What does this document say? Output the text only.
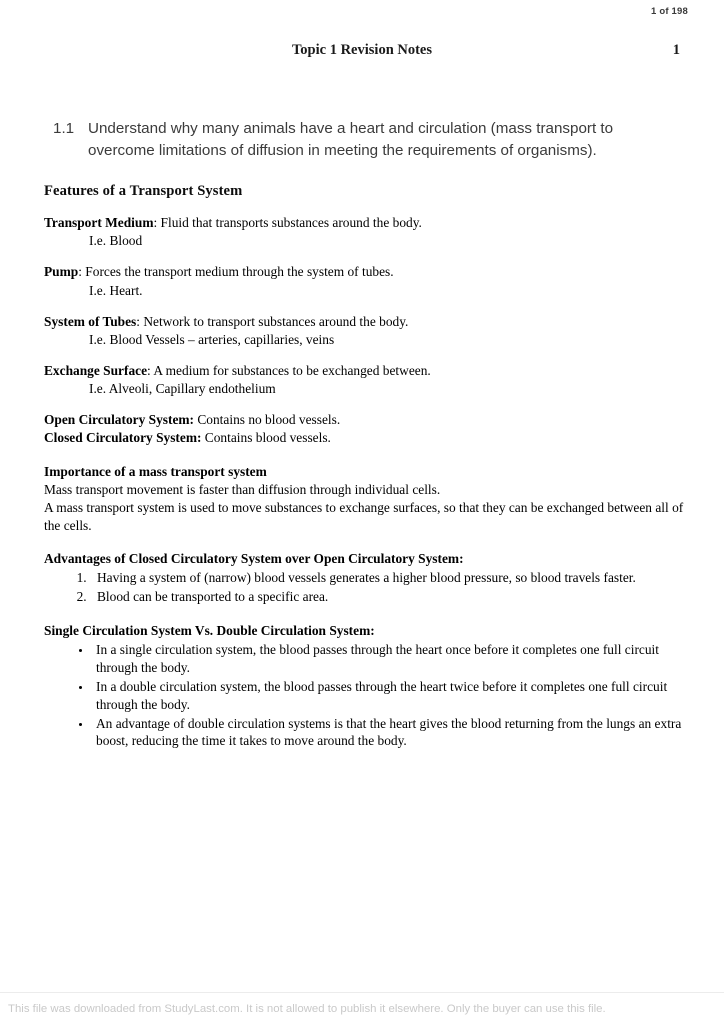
1 of 198
Topic 1 Revision Notes	1
1.1 Understand why many animals have a heart and circulation (mass transport to overcome limitations of diffusion in meeting the requirements of organisms).
Features of a Transport System
Transport Medium: Fluid that transports substances around the body.
I.e. Blood
Pump: Forces the transport medium through the system of tubes.
I.e. Heart.
System of Tubes: Network to transport substances around the body.
I.e. Blood Vessels – arteries, capillaries, veins
Exchange Surface: A medium for substances to be exchanged between.
I.e. Alveoli, Capillary endothelium
Open Circulatory System: Contains no blood vessels.
Closed Circulatory System: Contains blood vessels.
Importance of a mass transport system
Mass transport movement is faster than diffusion through individual cells.
A mass transport system is used to move substances to exchange surfaces, so that they can be exchanged between all of the cells.
Advantages of Closed Circulatory System over Open Circulatory System:
1. Having a system of (narrow) blood vessels generates a higher blood pressure, so blood travels faster.
2. Blood can be transported to a specific area.
Single Circulation System Vs. Double Circulation System:
• In a single circulation system, the blood passes through the heart once before it completes one full circuit through the body.
• In a double circulation system, the blood passes through the heart twice before it completes one full circuit through the body.
• An advantage of double circulation systems is that the heart gives the blood returning from the lungs an extra boost, reducing the time it takes to move around the body.
This file was downloaded from StudyLast.com. It is not allowed to publish it elsewhere. Only the buyer can use this file.
